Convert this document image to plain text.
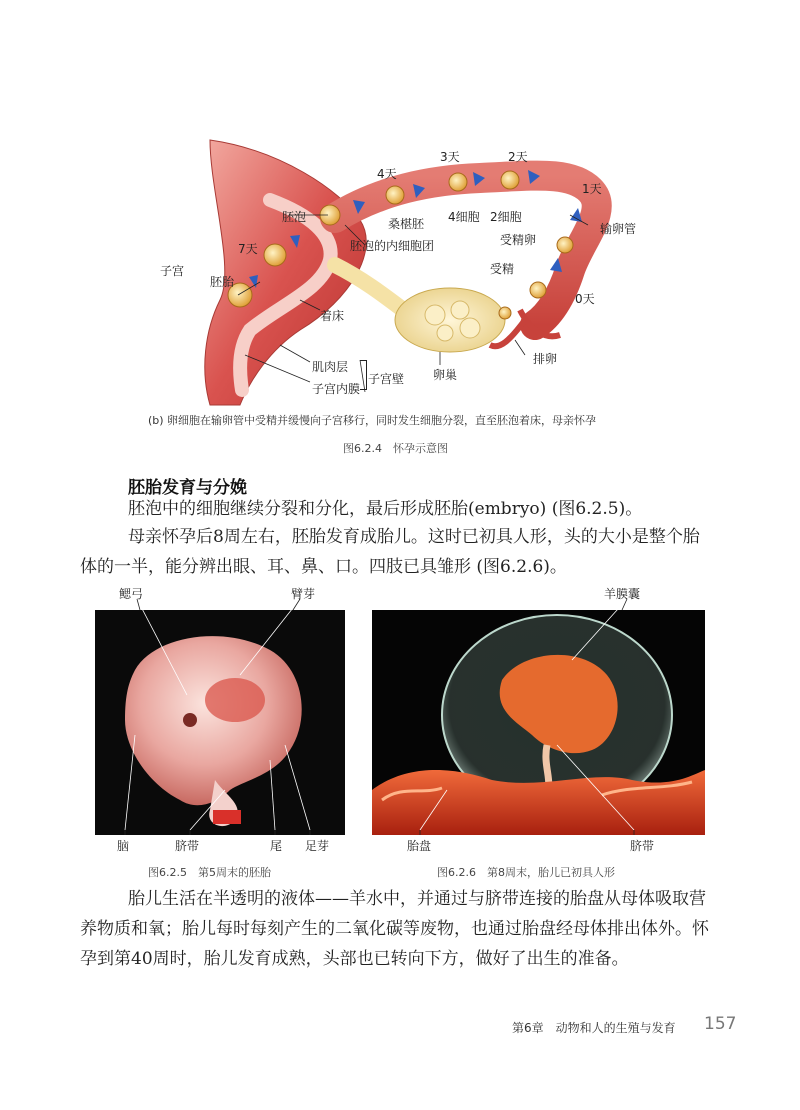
4天
3天	2天
1天
胚泡	桑椹胚 4细胞 2细胞
输卵管
胚泡的内细胞团	受精卵
7天
子宫
胚胎
受精
0天
着床
排卵
肌肉层
子宫壁 卵巢
子宫内膜
(b) 卵细胞在输卵管中受精并缓慢向子宫移行，同时发生细胞分裂，直至胚泡着床，母亲怀孕
图6.2.4　怀孕示意图
胚胎发育与分娩
胚泡中的细胞继续分裂和分化，最后形成胚胎(embryo) (图6.2.5)。
母亲怀孕后8周左右，胚胎发育成胎儿。这时已初具人形，头的大小是整个胎体的一半，能分辨出眼、耳、鼻、口。四肢已具雏形 (图6.2.6)。
鳃弓	臂芽
脑	脐带	尾 足芽
图6.2.5　第5周末的胚胎
羊膜囊
胎盘	脐带
图6.2.6　第8周末，胎儿已初具人形
胎儿生活在半透明的液体——羊水中，并通过与脐带连接的胎盘从母体吸取营养物质和氧；胎儿每时每刻产生的二氧化碳等废物，也通过胎盘经母体排出体外。怀孕到第40周时，胎儿发育成熟，头部也已转向下方，做好了出生的准备。
第6章　动物和人的生殖与发育 157
